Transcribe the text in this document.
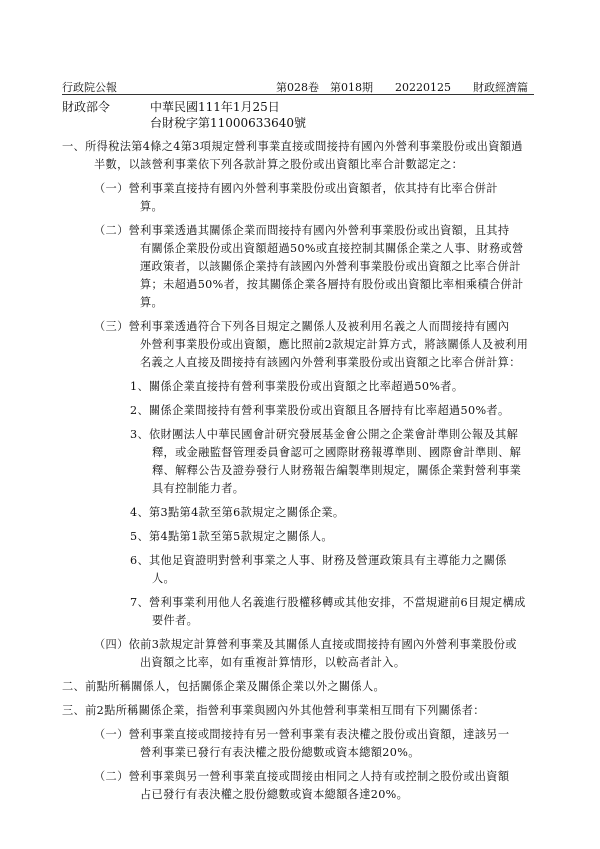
行政院公報	第028卷　第018期　　20220125　　財政經濟篇
財政部令	中華民國111年1月25日
台財稅字第11000633640號
一、所得稅法第4條之4第3項規定營利事業直接或間接持有國內外營利事業股份或出資額過
半數，以該營利事業依下列各款計算之股份或出資額比率合計數認定之：
（一）營利事業直接持有國內外營利事業股份或出資額者，依其持有比率合併計
算。
（二）營利事業透過其關係企業而間接持有國內外營利事業股份或出資額，且其持
有關係企業股份或出資額超過50%或直接控制其關係企業之人事、財務或營
運政策者，以該關係企業持有該國內外營利事業股份或出資額之比率合併計
算；未超過50%者，按其關係企業各層持有股份或出資額比率相乘積合併計
算。
（三）營利事業透過符合下列各目規定之關係人及被利用名義之人而間接持有國內
外營利事業股份或出資額，應比照前2款規定計算方式，將該關係人及被利用
名義之人直接及間接持有該國內外營利事業股份或出資額之比率合併計算：
1、關係企業直接持有營利事業股份或出資額之比率超過50%者。
2、關係企業間接持有營利事業股份或出資額且各層持有比率超過50%者。
3、依財團法人中華民國會計研究發展基金會公開之企業會計準則公報及其解
釋，或金融監督管理委員會認可之國際財務報導準則、國際會計準則、解
釋、解釋公告及證券發行人財務報告編製準則規定，關係企業對營利事業
具有控制能力者。
4、第3點第4款至第6款規定之關係企業。
5、第4點第1款至第5款規定之關係人。
6、其他足資證明對營利事業之人事、財務及營運政策具有主導能力之關係
人。
7、營利事業利用他人名義進行股權移轉或其他安排，不當規避前6目規定構成
要件者。
（四）依前3款規定計算營利事業及其關係人直接或間接持有國內外營利事業股份或
出資額之比率，如有重複計算情形，以較高者計入。
二、前點所稱關係人，包括關係企業及關係企業以外之關係人。
三、前2點所稱關係企業，指營利事業與國內外其他營利事業相互間有下列關係者：
（一）營利事業直接或間接持有另一營利事業有表決權之股份或出資額，達該另一
營利事業已發行有表決權之股份總數或資本總額20%。
（二）營利事業與另一營利事業直接或間接由相同之人持有或控制之股份或出資額
占已發行有表決權之股份總數或資本總額各達20%。
